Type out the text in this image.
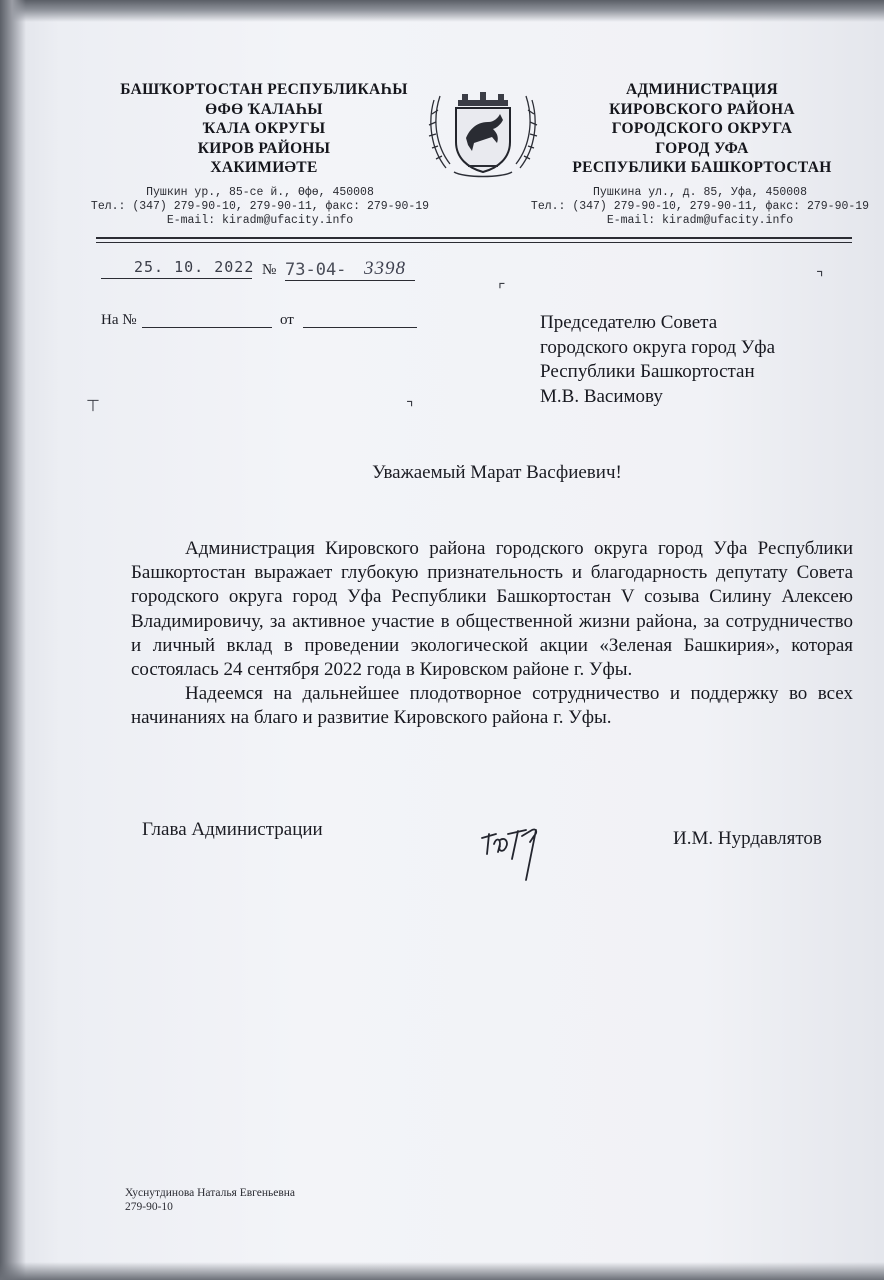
БАШҠОРТОСТАН РЕСПУБЛИКАҺЫ
ӨФӨ ҠАЛАҺЫ
ҠАЛА ОКРУГЫ
КИРОВ РАЙОНЫ
ХАКИМИӘТЕ
Пушкин ур., 85-се й., Өфө, 450008
Тел.: (347) 279-90-10, 279-90-11, факс: 279-90-19
E-mail: kiradm@ufacity.info
АДМИНИСТРАЦИЯ
КИРОВСКОГО РАЙОНА
ГОРОДСКОГО ОКРУГА
ГОРОД УФА
РЕСПУБЛИКИ БАШКОРТОСТАН
Пушкина ул., д. 85, Уфа, 450008
Тел.: (347) 279-90-10, 279-90-11, факс: 279-90-19
E-mail: kiradm@ufacity.info
25. 10. 2022 № 73-04- 3398
На №	от
⌜
⌝
⊤	⌝
Председателю Совета
городского округа город Уфа
Республики Башкортостан
М.В. Васимову
Уважаемый Марат Васфиевич!

Администрация Кировского района городского округа город Уфа Республики Башкортостан выражает глубокую признательность и благодарность депутату Совета городского округа город Уфа Республики Башкортостан V созыва Силину Алексею Владимировичу, за активное участие в общественной жизни района, за сотрудничество и личный вклад в проведении экологической акции «Зеленая Башкирия», которая состоялась 24 сентября 2022 года в Кировском районе г. Уфы.

Надеемся на дальнейшее плодотворное сотрудничество и поддержку во всех начинаниях на благо и развитие Кировского района г. Уфы.

Глава Администрации	И.М. Нурдавлятов
Хуснутдинова Наталья Евгеньевна
279-90-10
